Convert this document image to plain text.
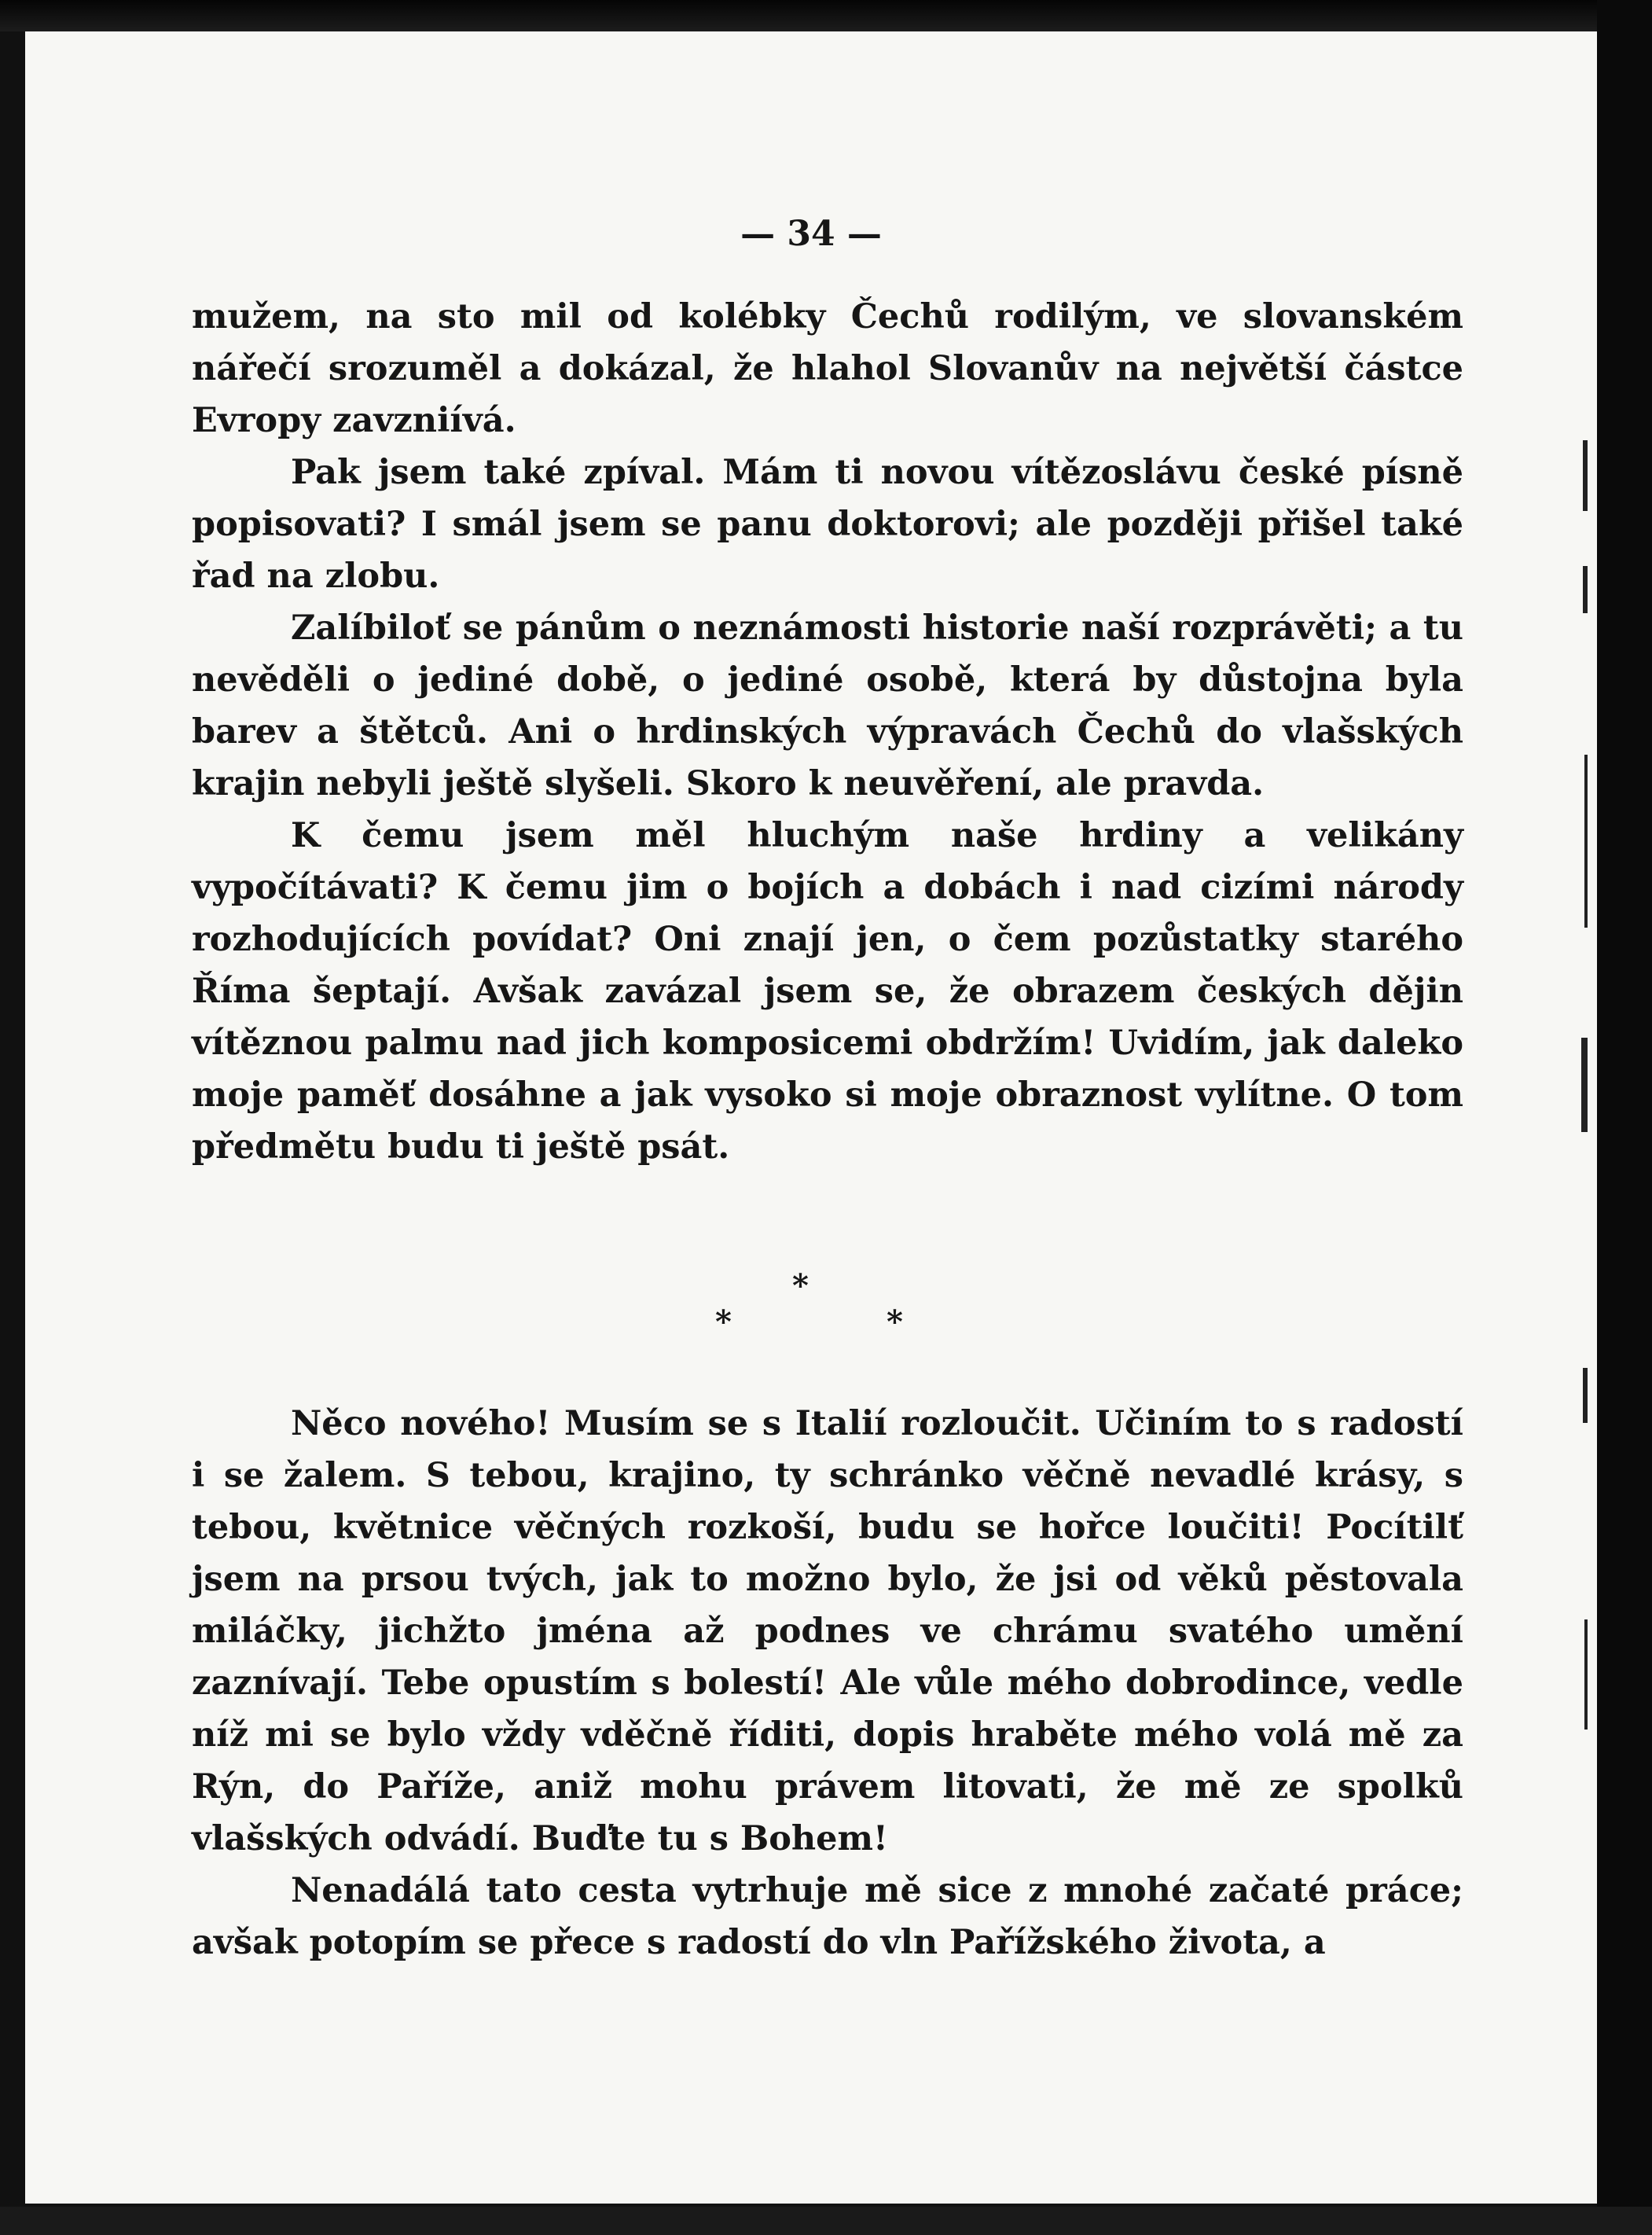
— 34 —

mužem, na sto mil od kolébky Čechů rodilým, ve slovanském nářečí srozuměl a dokázal, že hlahol Slovanův na největší částce Evropy zavzniívá.

Pak jsem také zpíval. Mám ti novou vítězoslávu české písně popisovati? I smál jsem se panu doktorovi; ale později přišel také řad na zlobu.

Zalíbiloť se pánům o neznámosti historie naší rozprávěti; a tu nevěděli o jediné době, o jediné osobě, která by důstojna byla barev a štětců. Ani o hrdinských výpravách Čechů do vlašských krajin nebyli ještě slyšeli. Skoro k neuvěření, ale pravda.

K čemu jsem měl hluchým naše hrdiny a velikány vypočítávati? K čemu jim o bojích a dobách i nad cizími národy rozhodujících povídat? Oni znají jen, o čem pozůstatky starého Říma šeptají. Avšak zavázal jsem se, že obrazem českých dějin vítěznou palmu nad jich komposicemi obdržím! Uvidím, jak daleko moje paměť dosáhne a jak vysoko si moje obraznost vylítne. O tom předmětu budu ti ještě psát.

*
*	*

Něco nového! Musím se s Italií rozloučit. Učiním to s radostí i se žalem. S tebou, krajino, ty schránko věčně nevadlé krásy, s tebou, květnice věčných rozkoší, budu se hořce loučiti! Pocítilť jsem na prsou tvých, jak to možno bylo, že jsi od věků pěstovala miláčky, jichžto jména až podnes ve chrámu svatého umění zaznívají. Tebe opustím s bolestí! Ale vůle mého dobrodince, vedle níž mi se bylo vždy vděčně říditi, dopis hraběte mého volá mě za Rýn, do Paříže, aniž mohu právem litovati, že mě ze spolků vlašských odvádí. Buďte tu s Bohem!

Nenadálá tato cesta vytrhuje mě sice z mnohé začaté práce; avšak potopím se přece s radostí do vln Pařížského života, a
